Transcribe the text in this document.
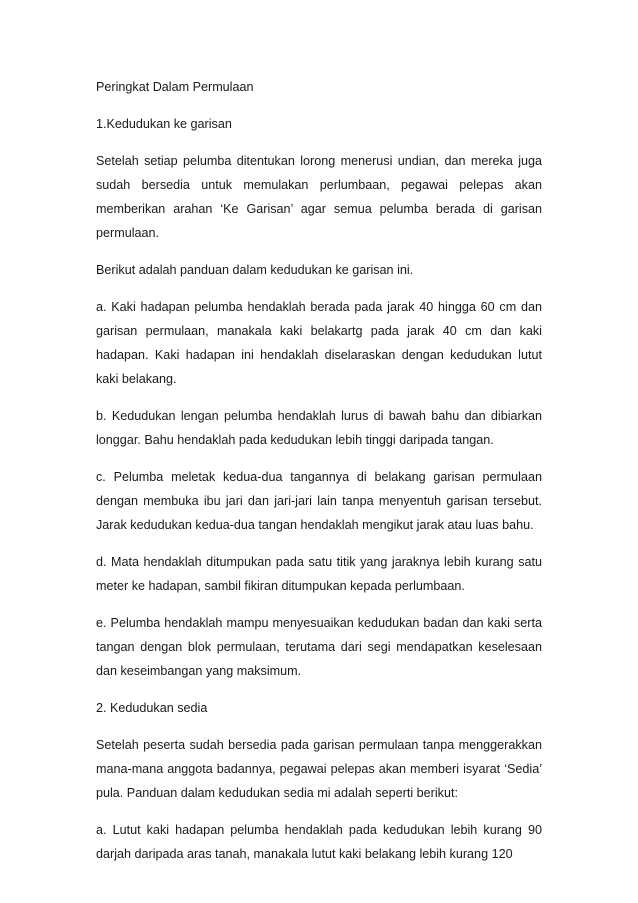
Peringkat Dalam Permulaan

1.Kedudukan ke garisan

Setelah setiap pelumba ditentukan lorong menerusi undian, dan mereka juga sudah bersedia untuk memulakan perlumbaan, pegawai pelepas akan memberikan arahan ‘Ke Garisan’ agar semua pelumba berada di garisan permulaan.

Berikut adalah panduan dalam kedudukan ke garisan ini.

a. Kaki hadapan pelumba hendaklah berada pada jarak 40 hingga 60 cm dan garisan permulaan, manakala kaki belakartg pada jarak 40 cm dan kaki hadapan. Kaki hadapan ini hendaklah diselaraskan dengan kedudukan lutut kaki belakang.

b. Kedudukan lengan pelumba hendaklah lurus di bawah bahu dan dibiarkan longgar. Bahu hendaklah pada kedudukan lebih tinggi daripada tangan.

c. Pelumba meletak kedua-dua tangannya di belakang garisan permulaan dengan membuka ibu jari dan jari-jari lain tanpa menyentuh garisan tersebut. Jarak kedudukan kedua-dua tangan hendaklah mengikut jarak atau luas bahu.

d. Mata hendaklah ditumpukan pada satu titik yang jaraknya lebih kurang satu meter ke hadapan, sambil fikiran ditumpukan kepada perlumbaan.

e. Pelumba hendaklah mampu menyesuaikan kedudukan badan dan kaki serta tangan dengan blok permulaan, terutama dari segi mendapatkan keselesaan dan keseimbangan yang maksimum.

2. Kedudukan sedia

Setelah peserta sudah bersedia pada garisan permulaan tanpa menggerakkan mana-mana anggota badannya, pegawai pelepas akan memberi isyarat ‘Sedia’ pula. Panduan dalam kedudukan sedia mi adalah seperti berikut:

a. Lutut kaki hadapan pelumba hendaklah pada kedudukan lebih kurang 90 darjah daripada aras tanah, manakala lutut kaki belakang lebih kurang 120
